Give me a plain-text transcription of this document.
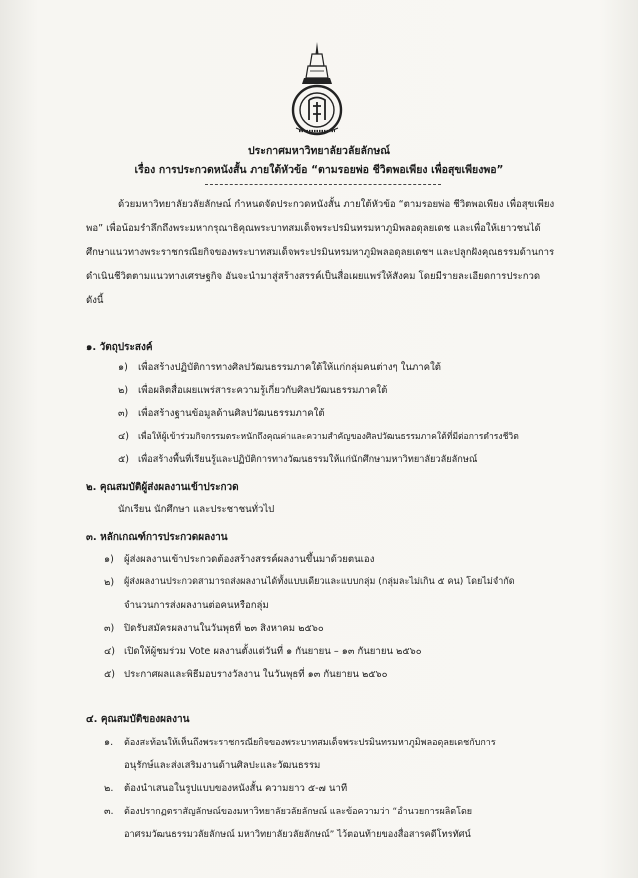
ประกาศมหาวิทยาลัยวลัยลักษณ์
เรื่อง การประกวดหนังสั้น ภายใต้หัวข้อ “ตามรอยพ่อ ชีวิตพอเพียง เพื่อสุขเพียงพอ”
ด้วยมหาวิทยาลัยวลัยลักษณ์ กำหนดจัดประกวดหนังสั้น ภายใต้หัวข้อ “ตามรอยพ่อ ชีวิตพอเพียง เพื่อสุขเพียงพอ” เพื่อน้อมรำลึกถึงพระมหากรุณาธิคุณพระบาทสมเด็จพระปรมินทรมหาภูมิพลอดุลยเดช และเพื่อให้เยาวชนได้ศึกษาแนวทางพระราชกรณียกิจของพระบาทสมเด็จพระปรมินทรมหาภูมิพลอดุลยเดชฯ และปลูกฝังคุณธรรมด้านการดำเนินชีวิตตามแนวทางเศรษฐกิจ อันจะนำมาสู่สร้างสรรค์เป็นสื่อเผยแพร่ให้สังคม โดยมีรายละเอียดการประกวดดังนี้
๑. วัตถุประสงค์
๑) เพื่อสร้างปฏิบัติการทางศิลปวัฒนธรรมภาคใต้ให้แก่กลุ่มคนต่างๆ ในภาคใต้
๒) เพื่อผลิตสื่อเผยแพร่สาระความรู้เกี่ยวกับศิลปวัฒนธรรมภาคใต้
๓) เพื่อสร้างฐานข้อมูลด้านศิลปวัฒนธรรมภาคใต้
๔) เพื่อให้ผู้เข้าร่วมกิจกรรมตระหนักถึงคุณค่าและความสำคัญของศิลปวัฒนธรรมภาคใต้ที่มีต่อการดำรงชีวิต
๕) เพื่อสร้างพื้นที่เรียนรู้และปฏิบัติการทางวัฒนธรรมให้แก่นักศึกษามหาวิทยาลัยวลัยลักษณ์
๒. คุณสมบัติผู้ส่งผลงานเข้าประกวด
นักเรียน นักศึกษา และประชาชนทั่วไป
๓. หลักเกณฑ์การประกวดผลงาน
๑) ผู้ส่งผลงานเข้าประกวดต้องสร้างสรรค์ผลงานขึ้นมาด้วยตนเอง
๒) ผู้ส่งผลงานประกวดสามารถส่งผลงานได้ทั้งแบบเดียวและแบบกลุ่ม (กลุ่มละไม่เกิน ๕ คน) โดยไม่จำกัด
จำนวนการส่งผลงานต่อคนหรือกลุ่ม
๓) ปิดรับสมัครผลงานในวันพุธที่ ๒๓ สิงหาคม ๒๕๖๐
๔) เปิดให้ผู้ชมร่วม Vote ผลงานตั้งแต่วันที่ ๑ กันยายน – ๑๓ กันยายน ๒๕๖๐
๕) ประกาศผลและพิธีมอบรางวัลงาน ในวันพุธที่ ๑๓ กันยายน ๒๕๖๐
๔. คุณสมบัติของผลงาน
๑. ต้องสะท้อนให้เห็นถึงพระราชกรณียกิจของพระบาทสมเด็จพระปรมินทรมหาภูมิพลอดุลยเดชกับการ
อนุรักษ์และส่งเสริมงานด้านศิลปะและวัฒนธรรม
๒. ต้องนำเสนอในรูปแบบของหนังสั้น ความยาว ๕-๗ นาที
๓. ต้องปรากฏตราสัญลักษณ์ของมหาวิทยาลัยวลัยลักษณ์ และข้อความว่า “อำนวยการผลิตโดย
อาศรมวัฒนธรรมวลัยลักษณ์ มหาวิทยาลัยวลัยลักษณ์” ไว้ตอนท้ายของสื่อสารคดีโทรทัศน์
